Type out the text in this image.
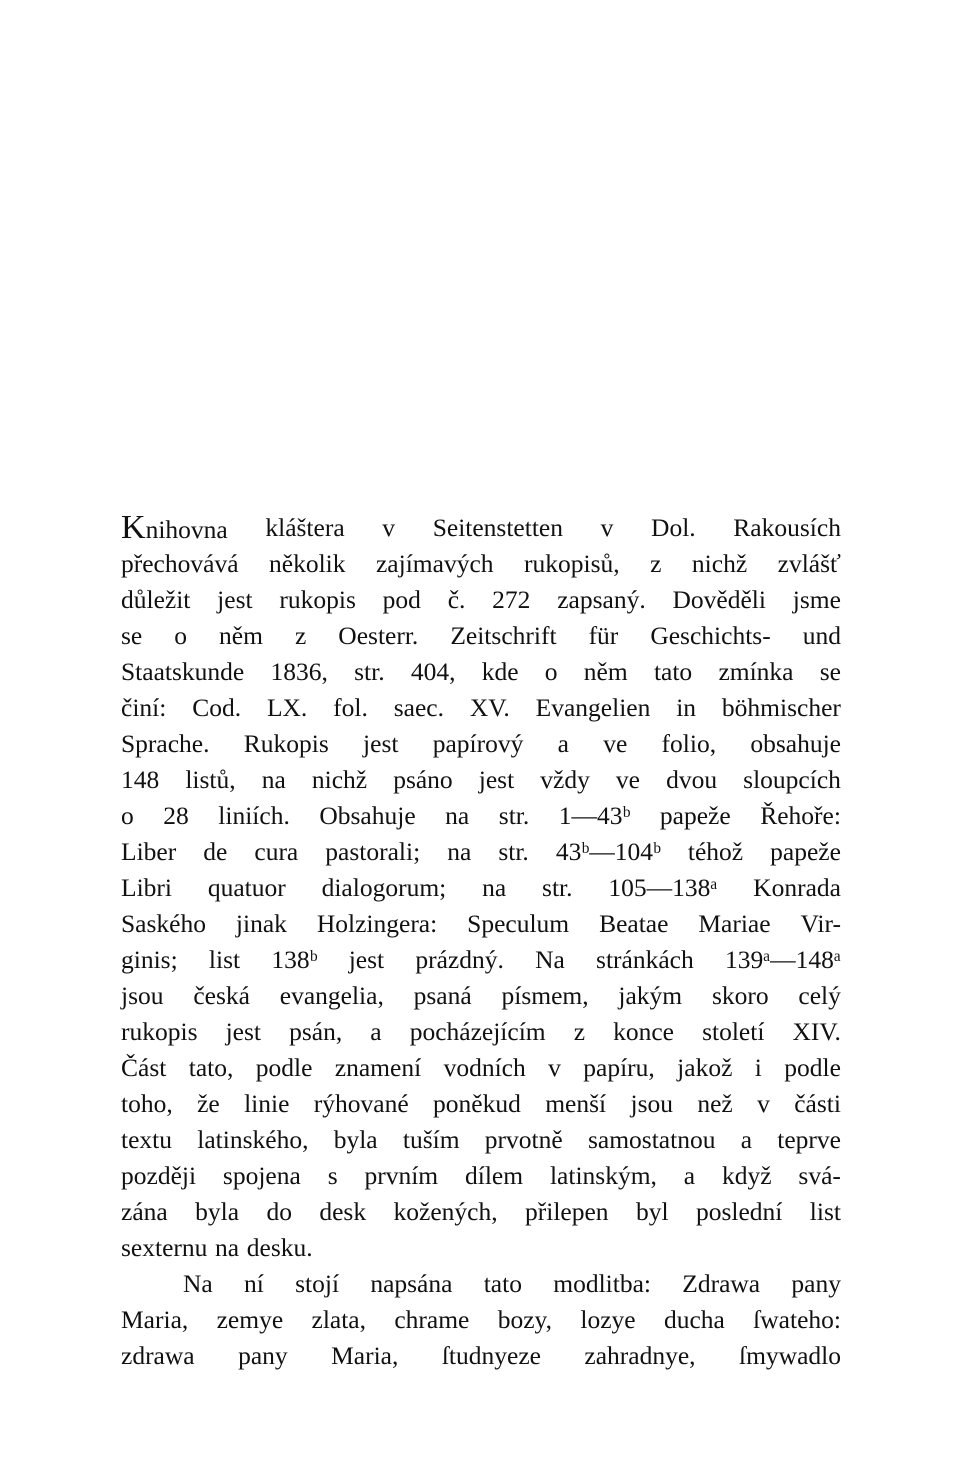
Knihovna kláštera v Seitenstetten v Dol. Rakousích
přechovává několik zajímavých rukopisů, z nichž zvlášť
důležit jest rukopis pod č. 272 zapsaný. Dověděli jsme
se o něm z Oesterr. Zeitschrift für Geschichts- und
Staatskunde 1836, str. 404, kde o něm tato zmínka se
činí: Cod. LX. fol. saec. XV. Evangelien in böhmischer
Sprache. Rukopis jest papírový a ve folio, obsahuje
148 listů, na nichž psáno jest vždy ve dvou sloupcích
o 28 liniích. Obsahuje na str. 1—43ᵇ papeže Řehoře:
Liber de cura pastorali; na str. 43ᵇ—104ᵇ téhož papeže
Libri quatuor dialogorum; na str. 105—138ᵃ Konrada
Saského jinak Holzingera: Speculum Beatae Mariae Vir-
ginis; list 138ᵇ jest prázdný. Na stránkách 139ᵃ—148ᵃ
jsou česká evangelia, psaná písmem, jakým skoro celý
rukopis jest psán, a pocházejícím z konce století XIV.
Část tato, podle znamení vodních v papíru, jakož i podle
toho, že linie rýhované poněkud menší jsou než v části
textu latinského, byla tuším prvotně samostatnou a teprve
později spojena s prvním dílem latinským, a když svá-
zána byla do desk kožených, přilepen byl poslední list
sexternu na desku.
Na ní stojí napsána tato modlitba: Zdrawa pany
Maria, zemye zlata, chrame bozy, lozye ducha ſwateho:
zdrawa pany Maria, ſtudnyeze zahradnye, ſmywadlo
